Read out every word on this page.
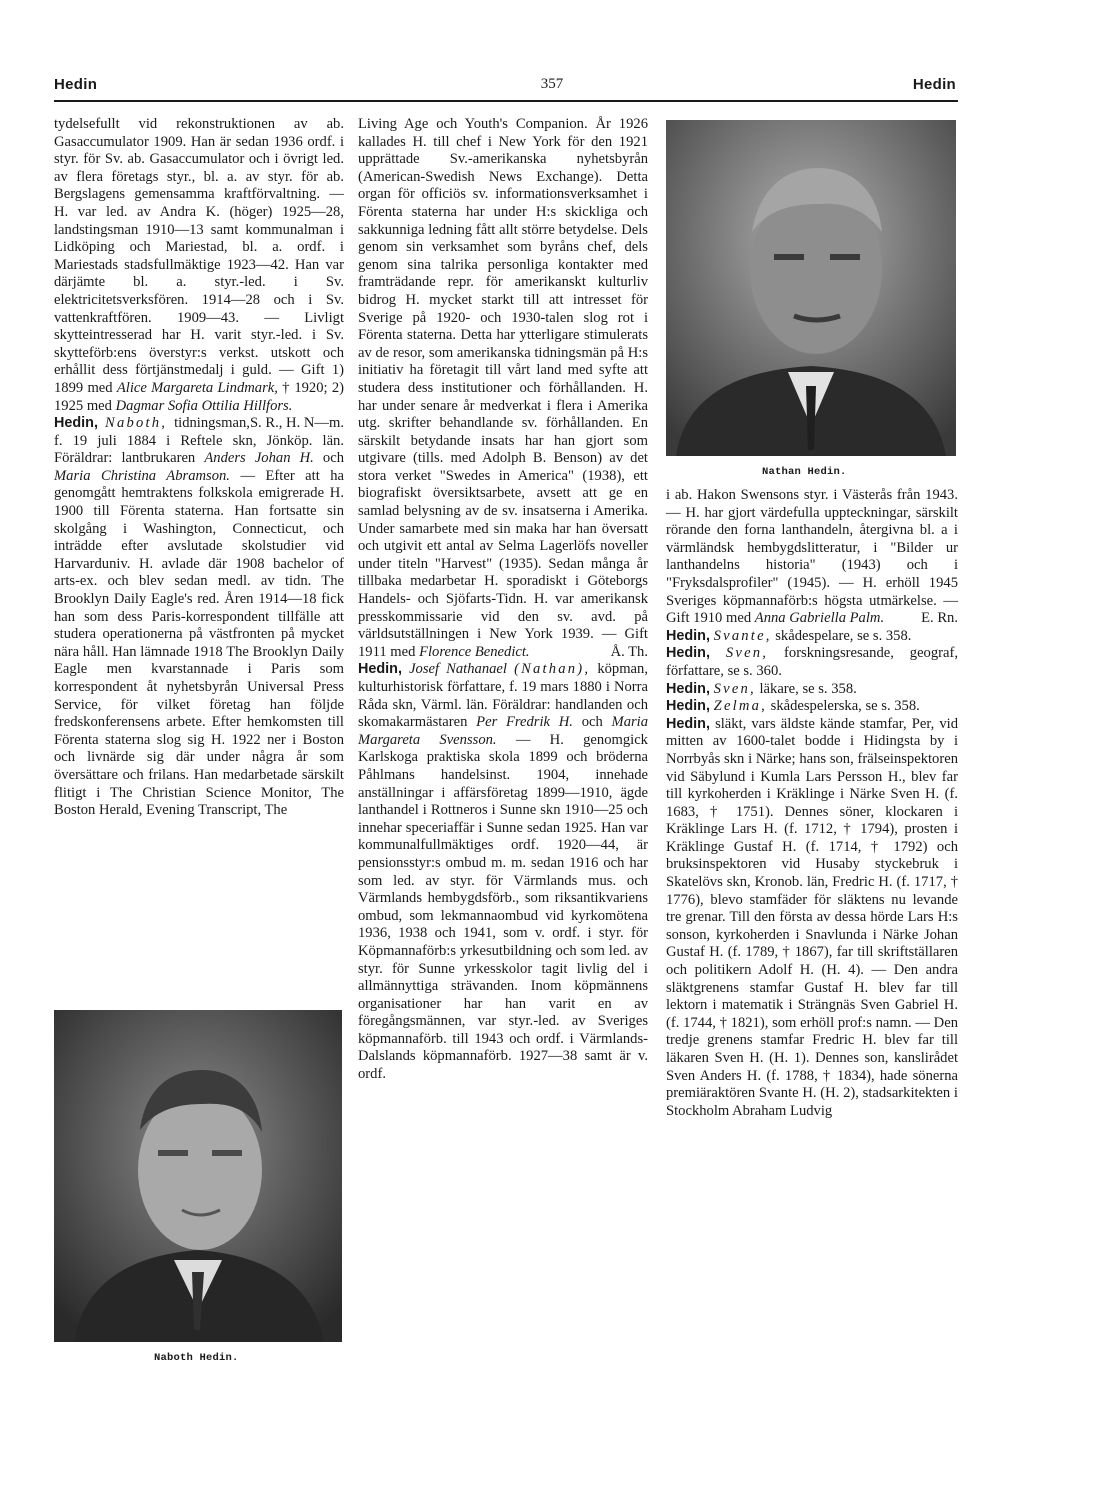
Hedin	357	Hedin

tydelsefullt vid rekonstruktionen av ab. Gasaccumulator 1909. Han är sedan 1936 ordf. i styr. för Sv. ab. Gasaccumulator och i övrigt led. av flera företags styr., bl. a. av styr. för ab. Bergslagens gemensamma kraftförvaltning. — H. var led. av Andra K. (höger) 1925—28, landstingsman 1910—13 samt kommunalman i Lidköping och Mariestad, bl. a. ordf. i Mariestads stadsfullmäktige 1923—42. Han var därjämte bl. a. styr.-led. i Sv. elektricitetsverksfören. 1914—28 och i Sv. vattenkraftfören. 1909—43. — Livligt skytteintresserad har H. varit styr.-led. i Sv. skytteförb:ens överstyr:s verkst. utskott och erhållit dess förtjänstmedalj i guld. — Gift 1) 1899 med Alice Margareta Lindmark, † 1920; 2) 1925 med Dagmar Sofia Ottilia Hillfors.
S. R., H. N—m.

Hedin, Naboth, tidningsman, f. 19 juli 1884 i Reftele skn, Jönköp. län. Föräldrar: lantbrukaren Anders Johan H. och Maria Christina Abramson. — Efter att ha genomgått hemtraktens folkskola emigrerade H. 1900 till Förenta staterna. Han fortsatte sin skolgång i Washington, Connecticut, och inträdde efter avslutade skolstudier vid Harvarduniv. H. avlade där 1908 bachelor of arts-ex. och blev sedan medl. av tidn. The Brooklyn Daily Eagle's red. Åren 1914—18 fick han som dess Paris-korrespondent tillfälle att studera operationerna på västfronten på mycket nära håll. Han lämnade 1918 The Brooklyn Daily Eagle men kvarstannade i Paris som korrespondent åt nyhetsbyrån Universal Press Service, för vilket företag han följde fredskonferensens arbete. Efter hemkomsten till Förenta staterna slog sig H. 1922 ner i Boston och livnärde sig där under några år som översättare och frilans. Han medarbetade särskilt flitigt i The Christian Science Monitor, The Boston Herald, Evening Transcript, The

Naboth Hedin.

Living Age och Youth's Companion. År 1926 kallades H. till chef i New York för den 1921 upprättade Sv.-amerikanska nyhetsbyrån (American-Swedish News Exchange). Detta organ för officiös sv. informationsverksamhet i Förenta staterna har under H:s skickliga och sakkunniga ledning fått allt större betydelse. Dels genom sin verksamhet som byråns chef, dels genom sina talrika personliga kontakter med framträdande repr. för amerikanskt kulturliv bidrog H. mycket starkt till att intresset för Sverige på 1920- och 1930-talen slog rot i Förenta staterna. Detta har ytterligare stimulerats av de resor, som amerikanska tidningsmän på H:s initiativ ha företagit till vårt land med syfte att studera dess institutioner och förhållanden. H. har under senare år medverkat i flera i Amerika utg. skrifter behandlande sv. förhållanden. En särskilt betydande insats har han gjort som utgivare (tills. med Adolph B. Benson) av det stora verket "Swedes in America" (1938), ett biografiskt översiktsarbete, avsett att ge en samlad belysning av de sv. insatserna i Amerika. Under samarbete med sin maka har han översatt och utgivit ett antal av Selma Lagerlöfs noveller under titeln "Harvest" (1935). Sedan många år tillbaka medarbetar H. sporadiskt i Göteborgs Handels- och Sjöfarts-Tidn. H. var amerikansk presskommissarie vid den sv. avd. på världsutställningen i New York 1939. — Gift 1911 med Florence Benedict.	Å. Th.

Hedin, Josef Nathanael (Nathan), köpman, kulturhistorisk författare, f. 19 mars 1880 i Norra Råda skn, Värml. län. Föräldrar: handlanden och skomakarmästaren Per Fredrik H. och Maria Margareta Svensson. — H. genomgick Karlskoga praktiska skola 1899 och bröderna Påhlmans handelsinst. 1904, innehade anställningar i affärsföretag 1899—1910, ägde lanthandel i Rottneros i Sunne skn 1910—25 och innehar speceriaffär i Sunne sedan 1925. Han var kommunalfullmäktiges ordf. 1920—44, är pensionsstyr:s ombud m. m. sedan 1916 och har som led. av styr. för Värmlands mus. och Värmlands hembygdsförb., som riksantikvariens ombud, som lekmannaombud vid kyrkomötena 1936, 1938 och 1941, som v. ordf. i styr. för Köpmannaförb:s yrkesutbildning och som led. av styr. för Sunne yrkesskolor tagit livlig del i allmännyttiga strävanden. Inom köpmännens organisationer har han varit en av föregångsmännen, var styr.-led. av Sveriges köpmannaförb. till 1943 och ordf. i Värmlands-Dalslands köpmannaförb. 1927—38 samt är v. ordf.

Nathan Hedin.

i ab. Hakon Swensons styr. i Västerås från 1943. — H. har gjort värdefulla uppteckningar, särskilt rörande den forna lanthandeln, återgivna bl. a i värmländsk hembygdslitteratur, i "Bilder ur lanthandelns historia" (1943) och i "Fryksdalsprofiler" (1945). — H. erhöll 1945 Sveriges köpmannaförb:s högsta utmärkelse. — Gift 1910 med Anna Gabriella Palm.	E. Rn.

Hedin, Svante, skådespelare, se s. 358.

Hedin, Sven, forskningsresande, geograf, författare, se s. 360.

Hedin, Sven, läkare, se s. 358.

Hedin, Zelma, skådespelerska, se s. 358.

Hedin, släkt, vars äldste kände stamfar, Per, vid mitten av 1600-talet bodde i Hidingsta by i Norrbyås skn i Närke; hans son, frälseinspektoren vid Säbylund i Kumla Lars Persson H., blev far till kyrkoherden i Kräklinge i Närke Sven H. (f. 1683, † 1751). Dennes söner, klockaren i Kräklinge Lars H. (f. 1712, † 1794), prosten i Kräklinge Gustaf H. (f. 1714, † 1792) och bruksinspektoren vid Husaby styckebruk i Skatelövs skn, Kronob. län, Fredric H. (f. 1717, † 1776), blevo stamfäder för släktens nu levande tre grenar. Till den första av dessa hörde Lars H:s sonson, kyrkoherden i Snavlunda i Närke Johan Gustaf H. (f. 1789, † 1867), far till skriftställaren och politikern Adolf H. (H. 4). — Den andra släktgrenens stamfar Gustaf H. blev far till lektorn i matematik i Strängnäs Sven Gabriel H. (f. 1744, † 1821), som erhöll prof:s namn. — Den tredje grenens stamfar Fredric H. blev far till läkaren Sven H. (H. 1). Dennes son, kanslirådet Sven Anders H. (f. 1788, † 1834), hade sönerna premiäraktören Svante H. (H. 2), stadsarkitekten i Stockholm Abraham Ludvig
